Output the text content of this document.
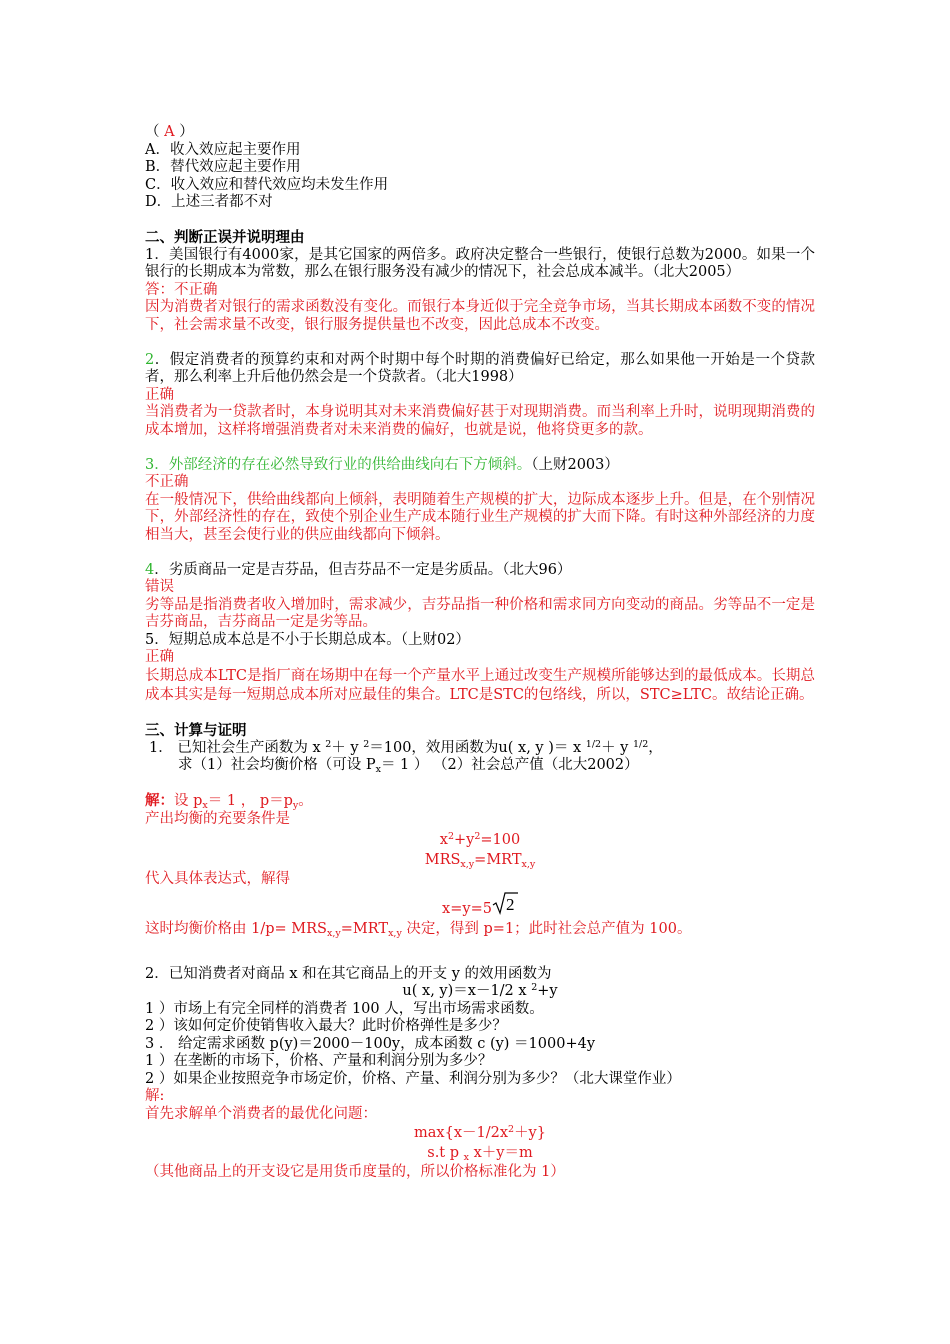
（ A ）
A．收入效应起主要作用
B．替代效应起主要作用
C．收入效应和替代效应均未发生作用
D．上述三者都不对
二、判断正误并说明理由
1．美国银行有4000家，是其它国家的两倍多。政府决定整合一些银行，使银行总数为2000。如果一个银行的长期成本为常数，那么在银行服务没有减少的情况下，社会总成本减半。（北大2005）
答：不正确
因为消费者对银行的需求函数没有变化。而银行本身近似于完全竞争市场，当其长期成本函数不变的情况下，社会需求量不改变，银行服务提供量也不改变，因此总成本不改变。
2．假定消费者的预算约束和对两个时期中每个时期的消费偏好已给定，那么如果他一开始是一个贷款者，那么利率上升后他仍然会是一个贷款者。（北大1998）
正确
当消费者为一贷款者时，本身说明其对未来消费偏好甚于对现期消费。而当利率上升时，说明现期消费的成本增加，这样将增强消费者对未来消费的偏好，也就是说，他将贷更多的款。
3．外部经济的存在必然导致行业的供给曲线向右下方倾斜。（上财2003）
不正确
在一般情况下，供给曲线都向上倾斜，表明随着生产规模的扩大，边际成本逐步上升。但是，在个别情况下，外部经济性的存在，致使个别企业生产成本随行业生产规模的扩大而下降。有时这种外部经济的力度相当大，甚至会使行业的供应曲线都向下倾斜。
4．劣质商品一定是吉芬品，但吉芬品不一定是劣质品。（北大96）
错误
劣等品是指消费者收入增加时，需求减少，吉芬品指一种价格和需求同方向变动的商品。劣等品不一定是吉芬商品，吉芬商品一定是劣等品。
5．短期总成本总是不小于长期总成本。（上财02）
正确
长期总成本LTC是指厂商在场期中在每一个产量水平上通过改变生产规模所能够达到的最低成本。长期总成本其实是每一短期总成本所对应最佳的集合。LTC是STC的包络线，所以，STC≥LTC。故结论正确。
三、计算与证明
1． 已知社会生产函数为 x $^2$＋ y $^2$＝100，效用函数为u( x, y )＝ x $^{1/2}$＋ y $^{1/2}$，
求（1）社会均衡价格（可设 $P_x= 1$ ） （2）社会总产值（北大2002）
解：设 $p_x= 1$ ， $p=p_y$。
产出均衡的充要条件是
$x^2+y^2=100$
$MRS_{x,y}=MRT_{x,y}$
代入具体表达式，解得
x=y=5 2
这时均衡价格由 $1/p= MRS_{x,y}=MRT_{x,y}$ 决定，得到 p=1；此时社会总产值为 100。
2．已知消费者对商品 x 和在其它商品上的开支 y 的效用函数为
u( x, y)＝x－1/2 x $^2$+y
1 ）市场上有完全同样的消费者 100 人，写出市场需求函数。
2 ）该如何定价使销售收入最大？此时价格弹性是多少？
3 ． 给定需求函数 p(y)＝2000－100y，成本函数 c (y) ＝1000+4y
1 ）在垄断的市场下，价格、产量和利润分别为多少？
2 ）如果企业按照竞争市场定价，价格、产量、利润分别为多少？（北大课堂作业）
解:
首先求解单个消费者的最优化问题：
$\max\{x-1/2x^2+y\}$
s.t p $_x$ x＋y＝m
（其他商品上的开支设它是用货币度量的，所以价格标准化为 1）
